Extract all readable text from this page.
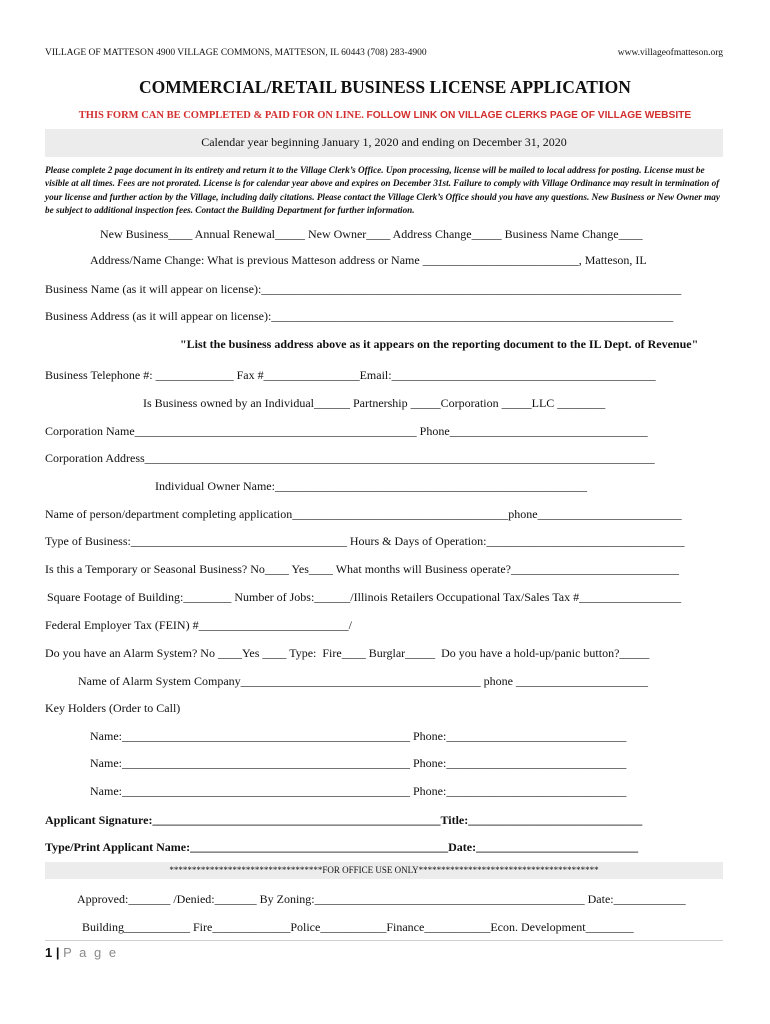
VILLAGE OF MATTESON 4900 VILLAGE COMMONS, MATTESON, IL 60443 (708) 283-4900	www.villageofmatteson.org
COMMERCIAL/RETAIL BUSINESS LICENSE APPLICATION
THIS FORM CAN BE COMPLETED & PAID FOR ON LINE. FOLLOW LINK ON VILLAGE CLERKS PAGE OF VILLAGE WEBSITE
Calendar year beginning January 1, 2020 and ending on December 31, 2020
Please complete 2 page document in its entirety and return it to the Village Clerk’s Office. Upon processing, license will be mailed to local address for posting. License must be visible at all times. Fees are not prorated. License is for calendar year above and expires on December 31st. Failure to comply with Village Ordinance may result in termination of your license and further action by the Village, including daily citations. Please contact the Village Clerk’s Office should you have any questions. New Business or New Owner may be subject to additional inspection fees. Contact the Building Department for further information.
New Business____ Annual Renewal_____ New Owner____ Address Change_____ Business Name Change____
Address/Name Change: What is previous Matteson address or Name __________________________, Matteson, IL
Business Name (as it will appear on license):______________________________________________________________________
Business Address (as it will appear on license):___________________________________________________________________
"List the business address above as it appears on the reporting document to the IL Dept. of Revenue"
Business Telephone #: _____________ Fax #________________Email:____________________________________________
Is Business owned by an Individual______ Partnership _____Corporation _____LLC ________
Corporation Name_______________________________________________ Phone_________________________________
Corporation Address_____________________________________________________________________________________
Individual Owner Name:____________________________________________________
Name of person/department completing application____________________________________phone________________________
Type of Business:____________________________________ Hours & Days of Operation:_________________________________
Is this a Temporary or Seasonal Business? No____ Yes____ What months will Business operate?____________________________
Square Footage of Building:________ Number of Jobs:______/Illinois Retailers Occupational Tax/Sales Tax #_________________
Federal Employer Tax (FEIN) #_________________________/
Do you have an Alarm System? No ____Yes ____ Type:  Fire____ Burglar_____  Do you have a hold-up/panic button?_____
Name of Alarm System Company________________________________________ phone ______________________
Key Holders (Order to Call)
Name:________________________________________________ Phone:______________________________
Name:________________________________________________ Phone:______________________________
Name:________________________________________________ Phone:______________________________
Applicant Signature:________________________________________________Title:_____________________________
Type/Print Applicant Name:___________________________________________Date:___________________________
**********************************FOR OFFICE USE ONLY****************************************
Approved:_______ /Denied:_______ By Zoning:_____________________________________________ Date:____________
Building___________ Fire_____________Police___________Finance___________Econ. Development________
1 | P a g e
